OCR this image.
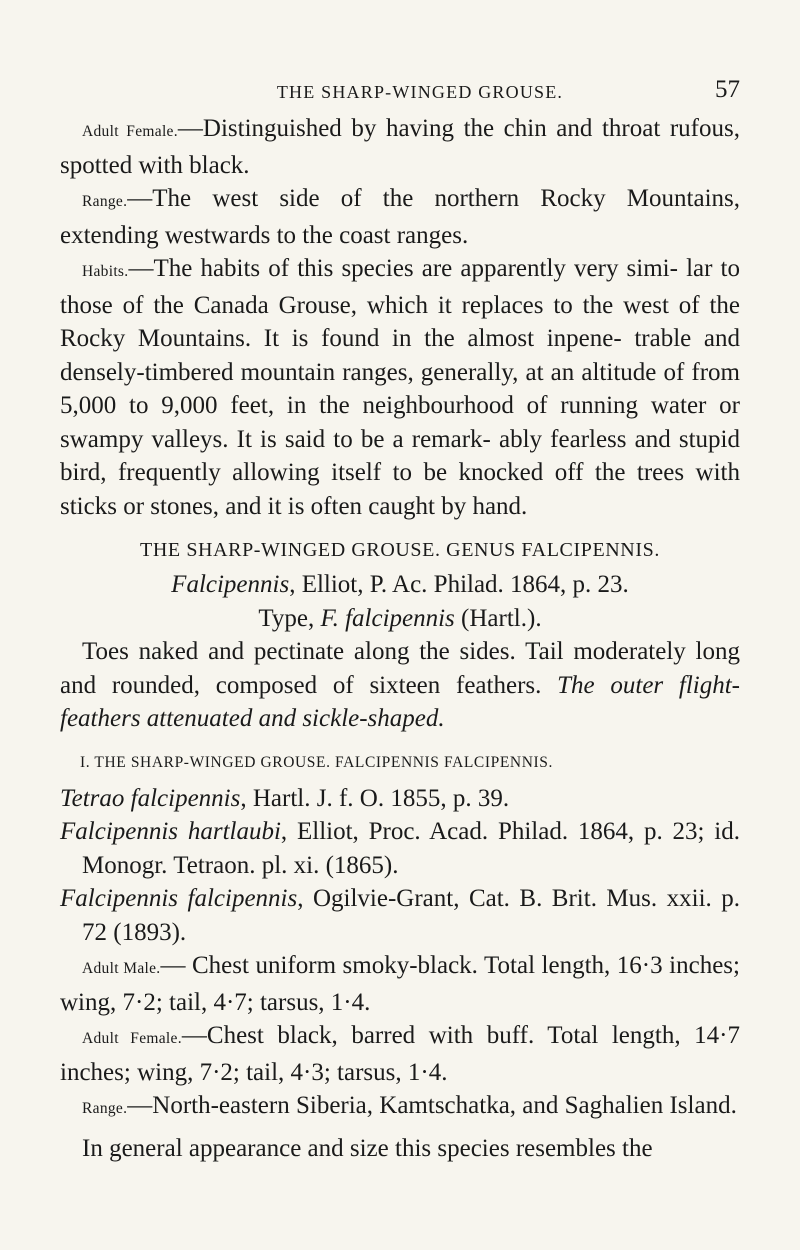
THE SHARP-WINGED GROUSE.	57

Adult Female.—Distinguished by having the chin and throat rufous, spotted with black.

Range.—The west side of the northern Rocky Mountains, extending westwards to the coast ranges.

Habits.—The habits of this species are apparently very simi- lar to those of the Canada Grouse, which it replaces to the west of the Rocky Mountains. It is found in the almost inpene- trable and densely-timbered mountain ranges, generally, at an altitude of from 5,000 to 9,000 feet, in the neighbourhood of running water or swampy valleys. It is said to be a remark- ably fearless and stupid bird, frequently allowing itself to be knocked off the trees with sticks or stones, and it is often caught by hand.

THE SHARP-WINGED GROUSE. GENUS FALCIPENNIS.

Falcipennis, Elliot, P. Ac. Philad. 1864, p. 23.

Type, F. falcipennis (Hartl.).

Toes naked and pectinate along the sides. Tail moderately long and rounded, composed of sixteen feathers. The outer flight-feathers attenuated and sickle-shaped.

I. THE SHARP-WINGED GROUSE. FALCIPENNIS FALCIPENNIS.

Tetrao falcipennis, Hartl. J. f. O. 1855, p. 39.

Falcipennis hartlaubi, Elliot, Proc. Acad. Philad. 1864, p. 23; id. Monogr. Tetraon. pl. xi. (1865).

Falcipennis falcipennis, Ogilvie-Grant, Cat. B. Brit. Mus. xxii. p. 72 (1893).

Adult Male.— Chest uniform smoky-black. Total length, 16·3 inches; wing, 7·2; tail, 4·7; tarsus, 1·4.

Adult Female.—Chest black, barred with buff. Total length, 14·7 inches; wing, 7·2; tail, 4·3; tarsus, 1·4.

Range.—North-eastern Siberia, Kamtschatka, and Saghalien Island.

In general appearance and size this species resembles the
